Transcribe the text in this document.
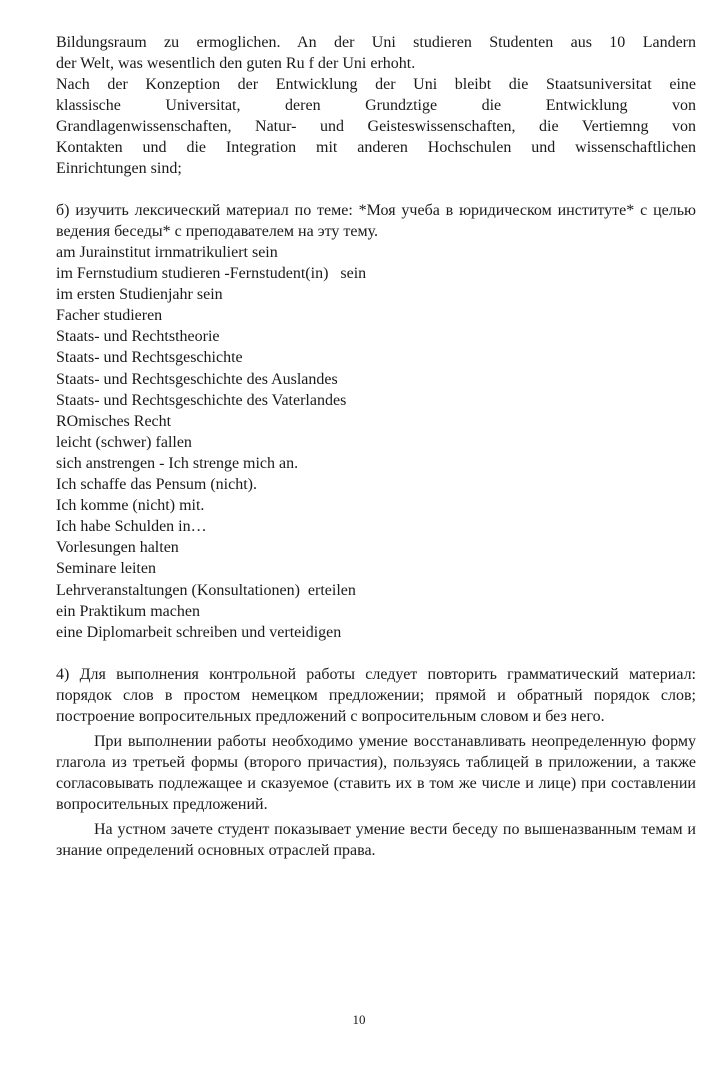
Bildungsraum zu ermoglichen. An der Uni studieren Studenten aus 10 Landern

der Welt, was wesentlich den guten Ru f der Uni erhoht.

Nach der Konzeption der Entwicklung der Uni bleibt die Staatsuniversitat eine

klassische Universitat, deren Grundztige die Entwicklung von

Grandlagenwissenschaften, Natur- und Geisteswissenschaften, die Vertiemng von

Kontakten und die Integration mit anderen Hochschulen und wissenschaftlichen

Einrichtungen sind;

б) изучить лексический материал по теме: *Моя учеба в юридическом институте* с целью ведения беседы* с преподавателем на эту тему.

am Jurainstitut irnmatrikuliert sein
im Fernstudium studieren -Fernstudent(in)   sein
im ersten Studienjahr sein
Facher studieren
Staats- und Rechtstheorie
Staats- und Rechtsgeschichte
Staats- und Rechtsgeschichte des Auslandes
Staats- und Rechtsgeschichte des Vaterlandes
ROmisches Recht
leicht (schwer) fallen
sich anstrengen - Ich strenge mich an.
Ich schaffe das Pensum (nicht).
Ich komme (nicht) mit.
Ich habe Schulden in…
Vorlesungen halten
Seminare leiten
Lehrveranstaltungen (Konsultationen)  erteilen
ein Praktikum machen
eine Diplomarbeit schreiben und verteidigen

4) Для выполнения контрольной работы следует повторить грамматический материал: порядок слов в простом немецком предложении; прямой и обратный порядок слов; построение вопросительных предложений с вопросительным словом и без него.

При выполнении работы необходимо умение восстанавливать неопределенную форму глагола из третьей формы (второго причастия), пользуясь таблицей в приложении, а также согласовывать подлежащее и сказуемое (ставить их в том же числе и лице) при составлении вопросительных предложений.

На устном зачете студент показывает умение вести беседу по вышеназванным темам и знание определений основных отраслей права.

10
